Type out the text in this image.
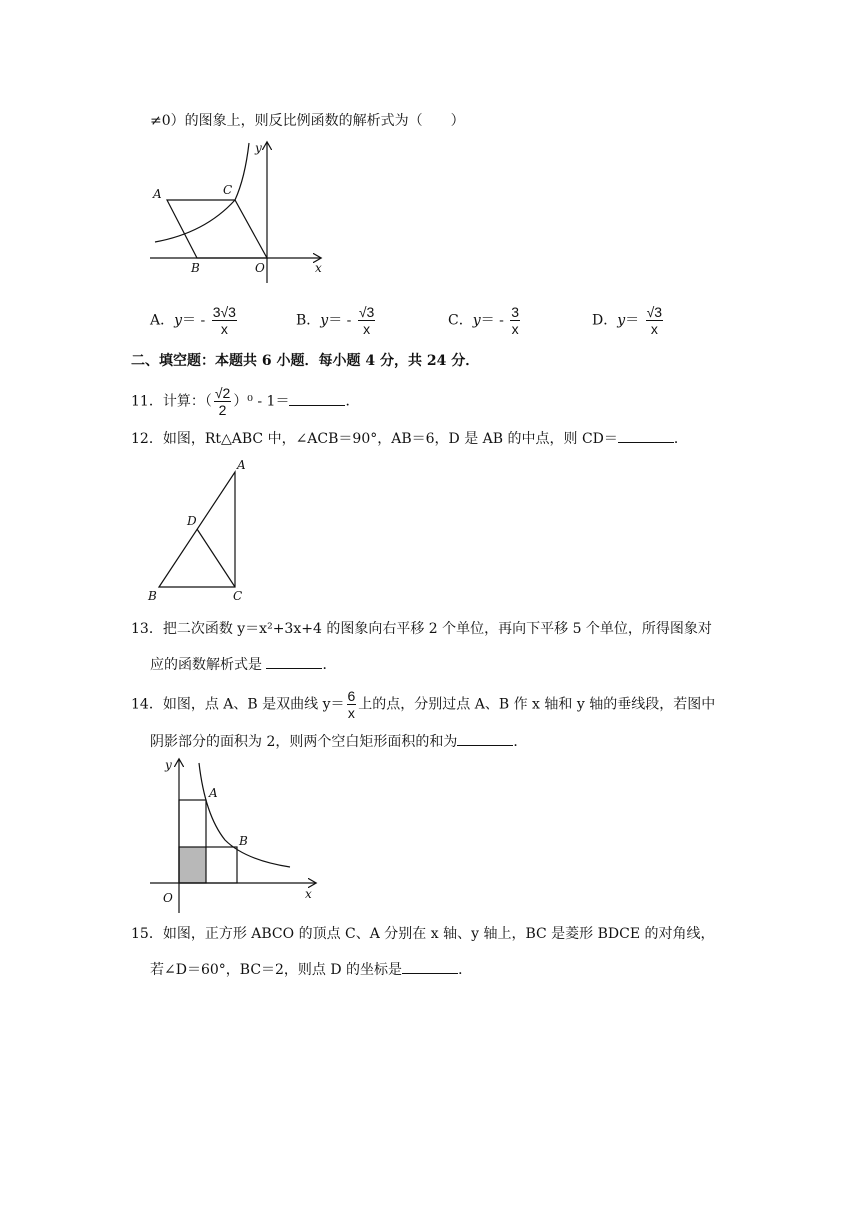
≠0）的图象上，则反比例函数的解析式为（　　）
A	C
B	O	x
y
A．$y= - \frac{3√3}{x}$	B．$y= - \frac{√3}{x}$	C．$y= - \frac{3}{x}$	D．$y= \frac{√3}{x}$
二、填空题：本题共 6 小题．每小题 4 分，共 24 分．
11．计算：（ $\frac{√2}{2} )^0 - 1=$	．
12．如图，Rt△ABC 中，∠ACB＝90°，AB＝6，D 是 AB 的中点，则 CD＝	．
A
D
B	C
13．把二次函数 y＝x²+3x+4 的图象向右平移 2 个单位，再向下平移 5 个单位，所得图象对
应的函数解析式是	．
14．如图，点 A、B 是双曲线 $y= \frac{6}{x}$ 上的点，分别过点 A、B 作 x 轴和 y 轴的垂线段，若图中
阴影部分的面积为 2，则两个空白矩形面积的和为	．
A
B
O	x
y
15．如图，正方形 ABCO 的顶点 C、A 分别在 x 轴、y 轴上，BC 是菱形 BDCE 的对角线，
若∠D＝60°，BC＝2，则点 D 的坐标是	．
